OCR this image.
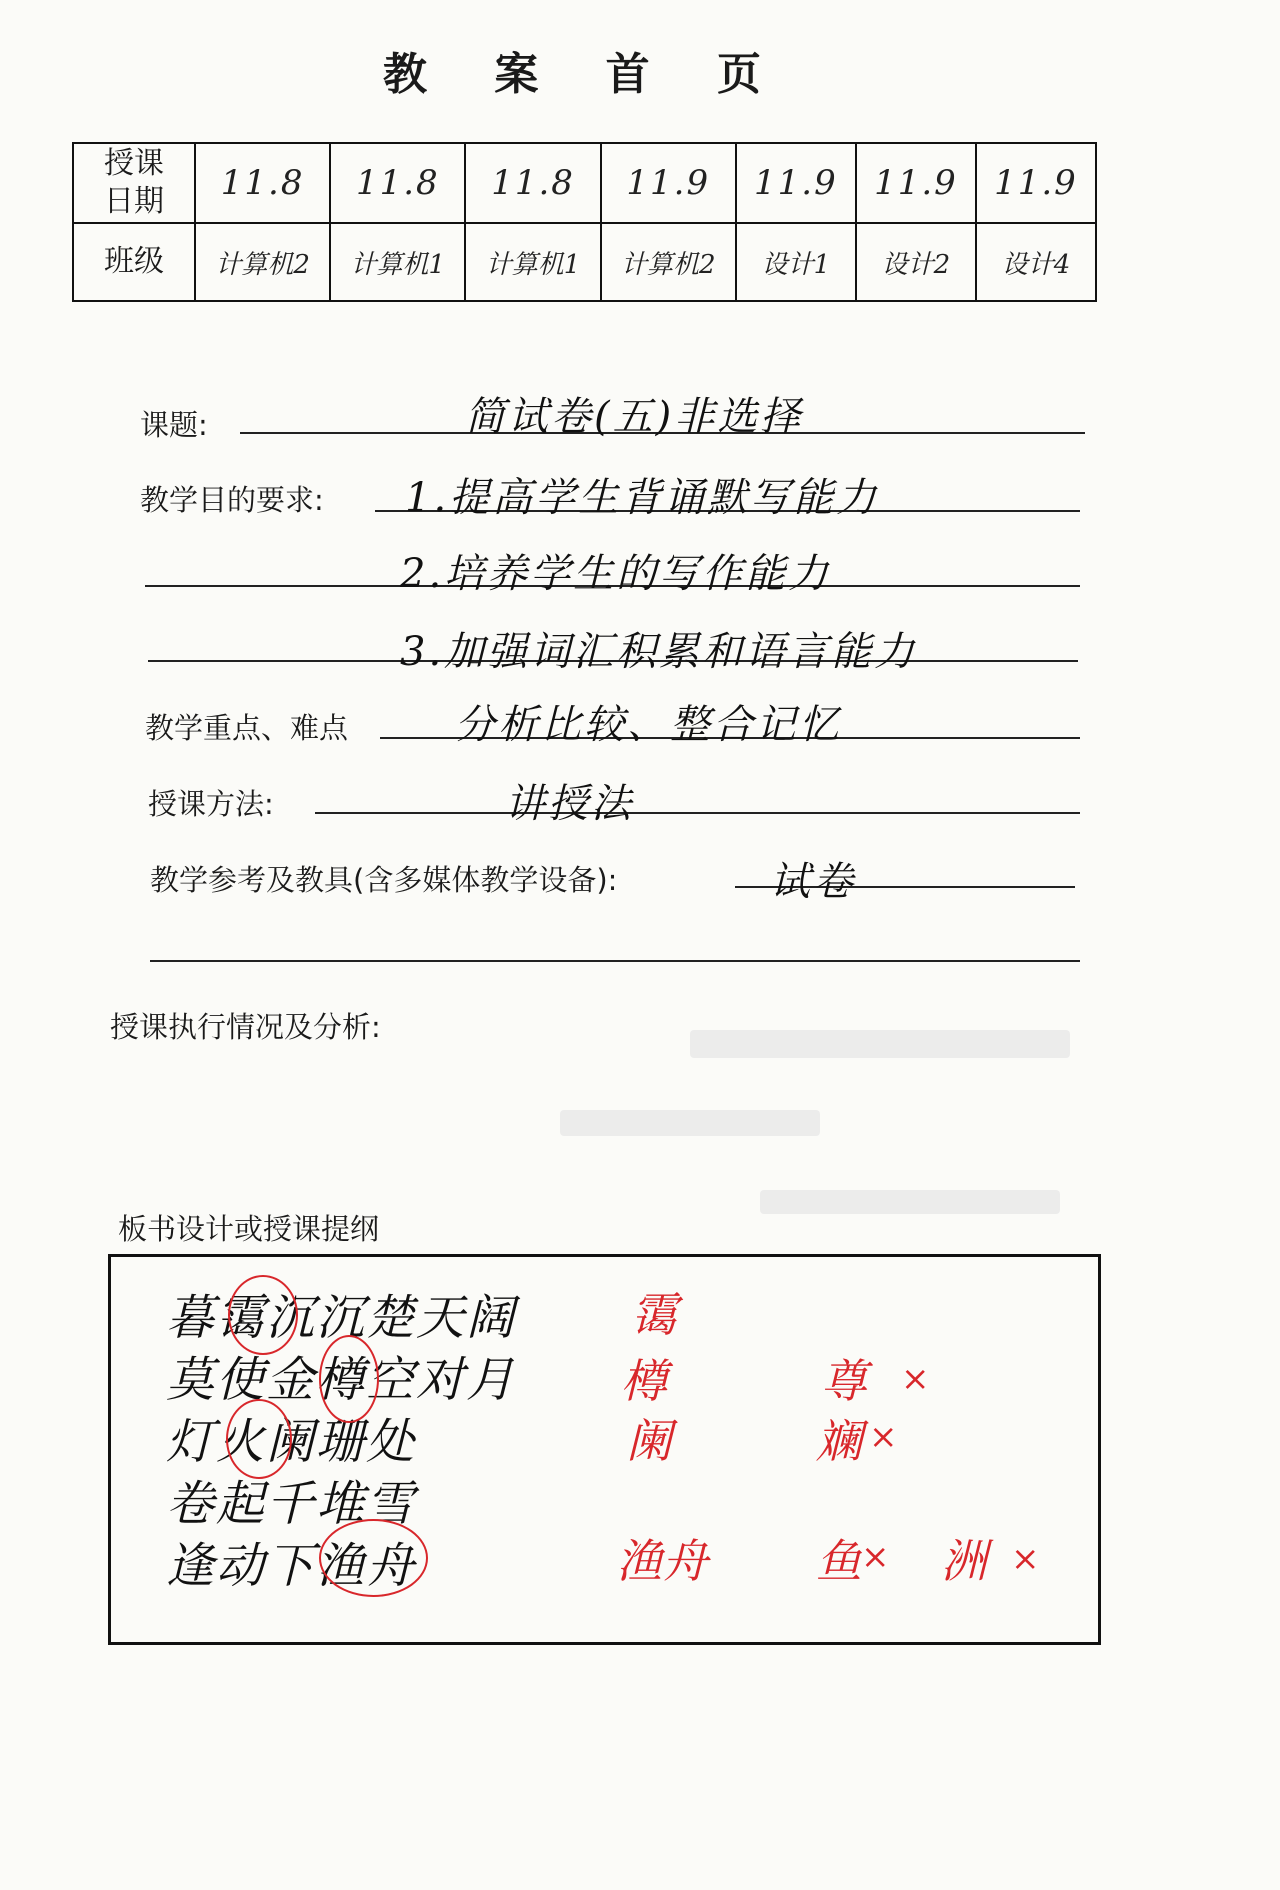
教 案 首 页
授课
日期	11.8	11.8	11.8	11.9	11.9	11.9	11.9
班级	计算机2	计算机1	计算机1	计算机2	设计1	设计2	设计4
课题:	简试卷(五)非选择
教学目的要求: 1.提高学生背诵默写能力
2.培养学生的写作能力
3.加强词汇积累和语言能力
教学重点、难点	分析比较、整合记忆
授课方法:	讲授法
教学参考及教具(含多媒体教学设备):	试卷
授课执行情况及分析:
板书设计或授课提纲
暮霭沉沉楚天阔
莫使金樽空对月
灯火阑珊处
卷起千堆雪
逢动下渔舟
霭
樽	尊 ×
阑	斓 ×
渔舟 鱼 × 洲 ×
